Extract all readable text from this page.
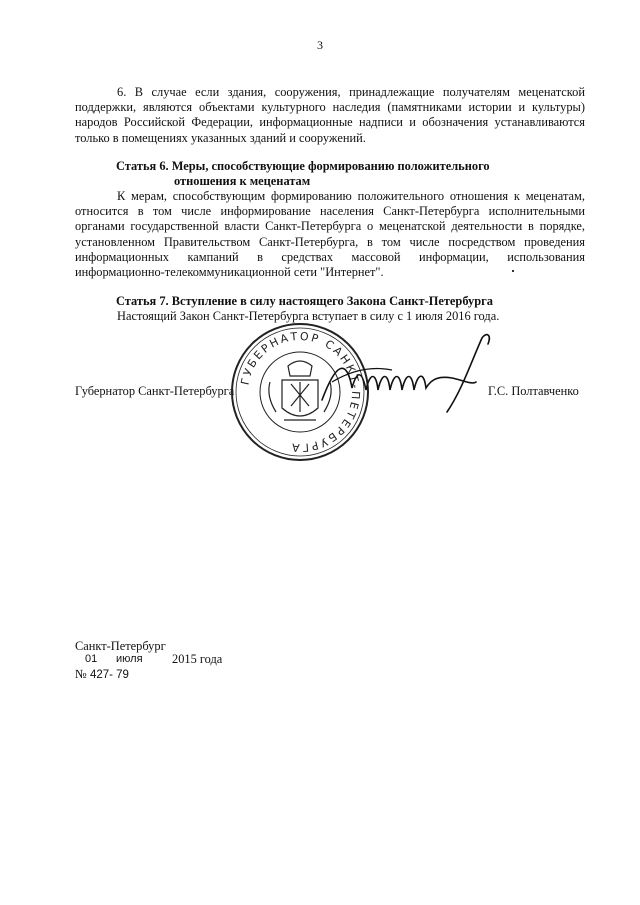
3

6. В случае если здания, сооружения, принадлежащие получателям меценатской поддержки, являются объектами культурного наследия (памятниками истории и культуры) народов Российской Федерации, информационные надписи и обозначения устанавливаются только в помещениях указанных зданий и сооружений.

Статья 6. Меры, способствующие формированию положительного
отношения к меценатам

К мерам, способствующим формированию положительного отношения к меценатам, относится в том числе информирование населения Санкт-Петербурга исполнительными органами государственной власти Санкт-Петербурга о меценатской деятельности в порядке, установленном Правительством Санкт-Петербурга, в том числе посредством проведения информационных кампаний в средствах массовой информации, использования информационно-телекоммуникационной сети "Интернет".

Статья 7. Вступление в силу настоящего Закона Санкт-Петербурга

Настоящий Закон Санкт-Петербурга вступает в силу с 1 июля 2016 года.

Губернатор Санкт-Петербурга
ГУБЕРНАТОР САНКТ-ПЕТЕРБУРГА
Г.С. Полтавченко
Санкт-Петербург
01 июля 2015 года
№ 427- 79
